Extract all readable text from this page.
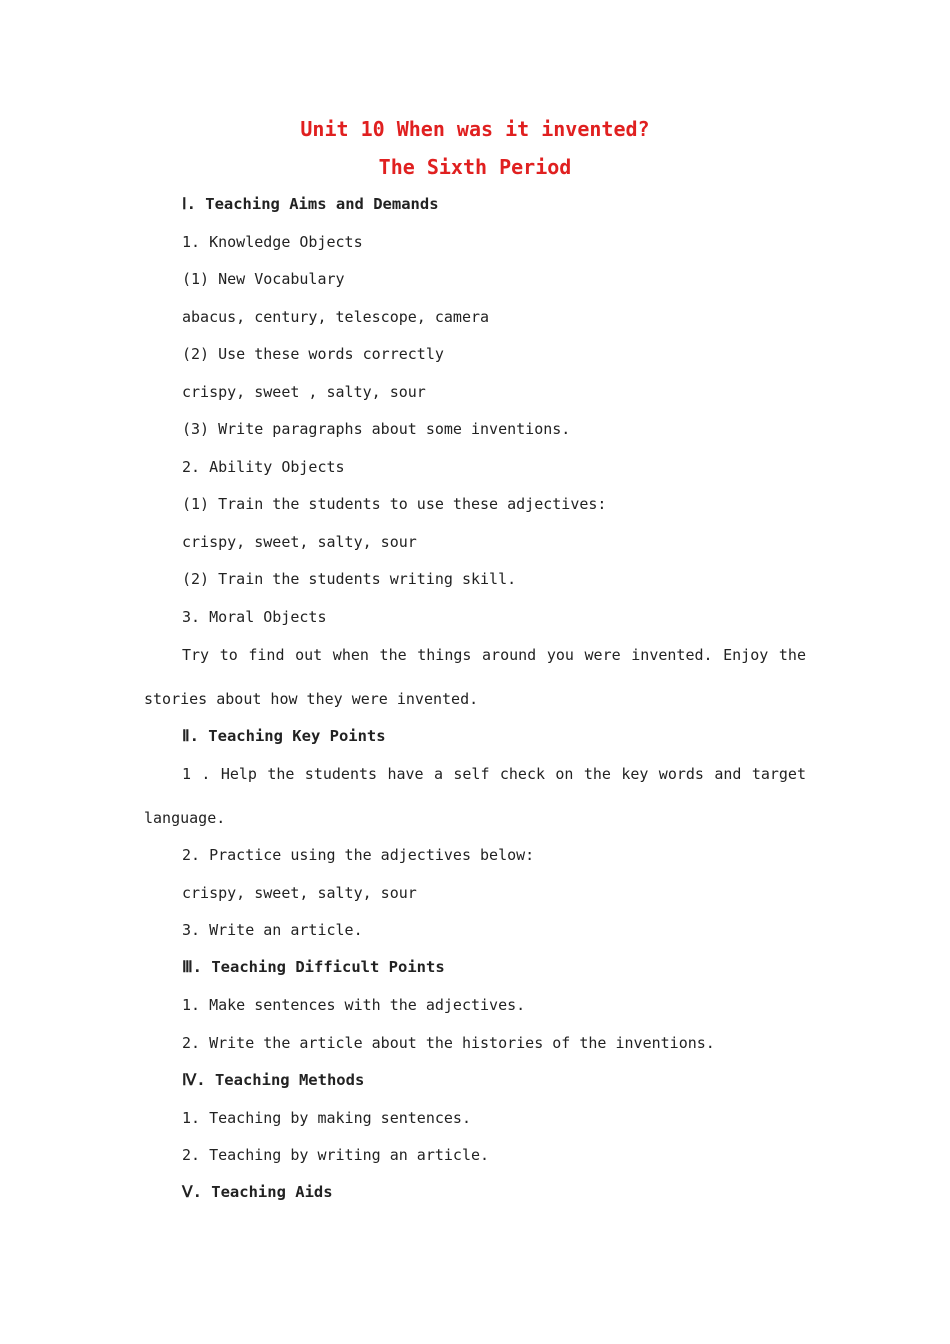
Unit 10 When was it invented?
The Sixth Period
Ⅰ. Teaching Aims and Demands
1. Knowledge Objects
(1) New Vocabulary
abacus, century, telescope, camera
(2) Use these words correctly
crispy, sweet , salty, sour
(3) Write paragraphs about some inventions.
2. Ability Objects
(1) Train the students to use these adjectives:
crispy, sweet, salty, sour
(2) Train the students writing skill.
3. Moral Objects
Try to find out when the things around you were invented. Enjoy the
stories about how they were invented.
Ⅱ. Teaching Key Points
1 . Help the students have a self check on the key words and target
language.
2. Practice using the adjectives below:
crispy, sweet, salty, sour
3. Write an article.
Ⅲ. Teaching Difficult Points
1. Make sentences with the adjectives.
2. Write the article about the histories of the inventions.
Ⅳ. Teaching Methods
1. Teaching by making sentences.
2. Teaching by writing an article.
Ⅴ. Teaching Aids
